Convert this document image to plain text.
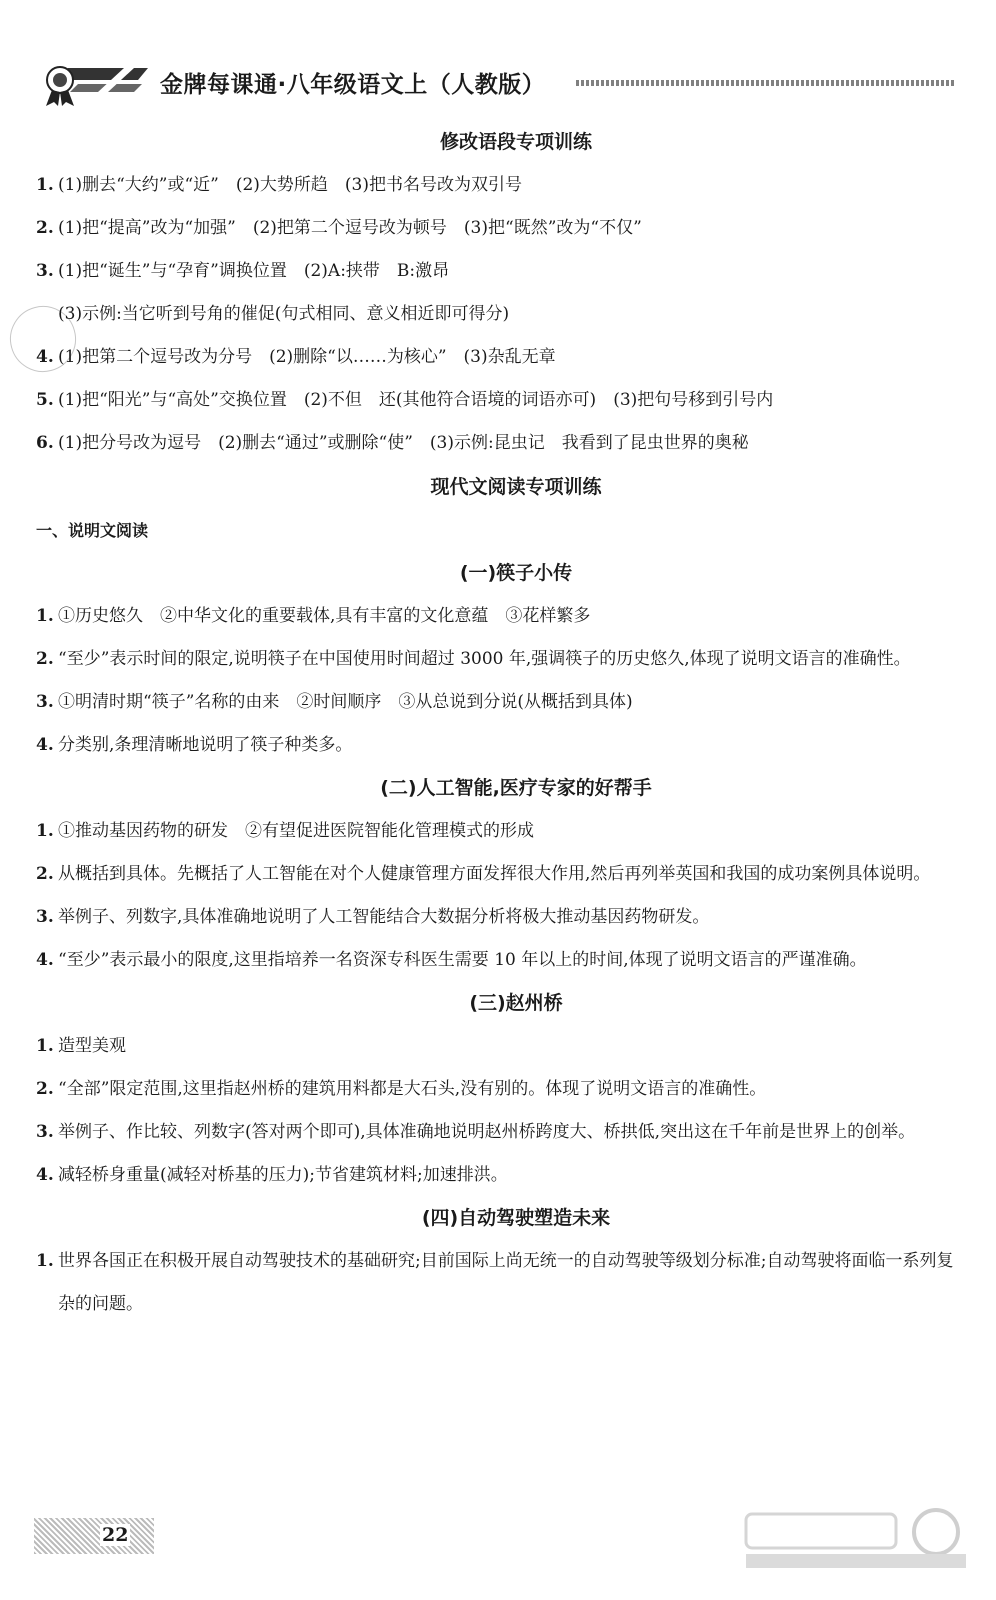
金牌每课通·八年级语文上（人教版）
修改语段专项训练
1. (1)删去“大约”或“近”　(2)大势所趋　(3)把书名号改为双引号
2. (1)把“提高”改为“加强”　(2)把第二个逗号改为顿号　(3)把“既然”改为“不仅”
3. (1)把“诞生”与“孕育”调换位置　(2)A:挟带　B:激昂
(3)示例:当它听到号角的催促(句式相同、意义相近即可得分)
4. (1)把第二个逗号改为分号　(2)删除“以……为核心”　(3)杂乱无章
5. (1)把“阳光”与“高处”交换位置　(2)不但　还(其他符合语境的词语亦可)　(3)把句号移到引号内
6. (1)把分号改为逗号　(2)删去“通过”或删除“使”　(3)示例:昆虫记　我看到了昆虫世界的奥秘
现代文阅读专项训练
一、说明文阅读
(一)筷子小传
1. ①历史悠久　②中华文化的重要载体,具有丰富的文化意蕴　③花样繁多
2. “至少”表示时间的限定,说明筷子在中国使用时间超过 3000 年,强调筷子的历史悠久,体现了说明文语言的准确性。
3. ①明清时期“筷子”名称的由来　②时间顺序　③从总说到分说(从概括到具体)
4. 分类别,条理清晰地说明了筷子种类多。
(二)人工智能,医疗专家的好帮手
1. ①推动基因药物的研发　②有望促进医院智能化管理模式的形成
2. 从概括到具体。先概括了人工智能在对个人健康管理方面发挥很大作用,然后再列举英国和我国的成功案例具体说明。
3. 举例子、列数字,具体准确地说明了人工智能结合大数据分析将极大推动基因药物研发。
4. “至少”表示最小的限度,这里指培养一名资深专科医生需要 10 年以上的时间,体现了说明文语言的严谨准确。
(三)赵州桥
1. 造型美观
2. “全部”限定范围,这里指赵州桥的建筑用料都是大石头,没有别的。体现了说明文语言的准确性。
3. 举例子、作比较、列数字(答对两个即可),具体准确地说明赵州桥跨度大、桥拱低,突出这在千年前是世界上的创举。
4. 减轻桥身重量(减轻对桥基的压力);节省建筑材料;加速排洪。
(四)自动驾驶塑造未来
1. 世界各国正在积极开展自动驾驶技术的基础研究;目前国际上尚无统一的自动驾驶等级划分标准;自动驾驶将面临一系列复杂的问题。
22
